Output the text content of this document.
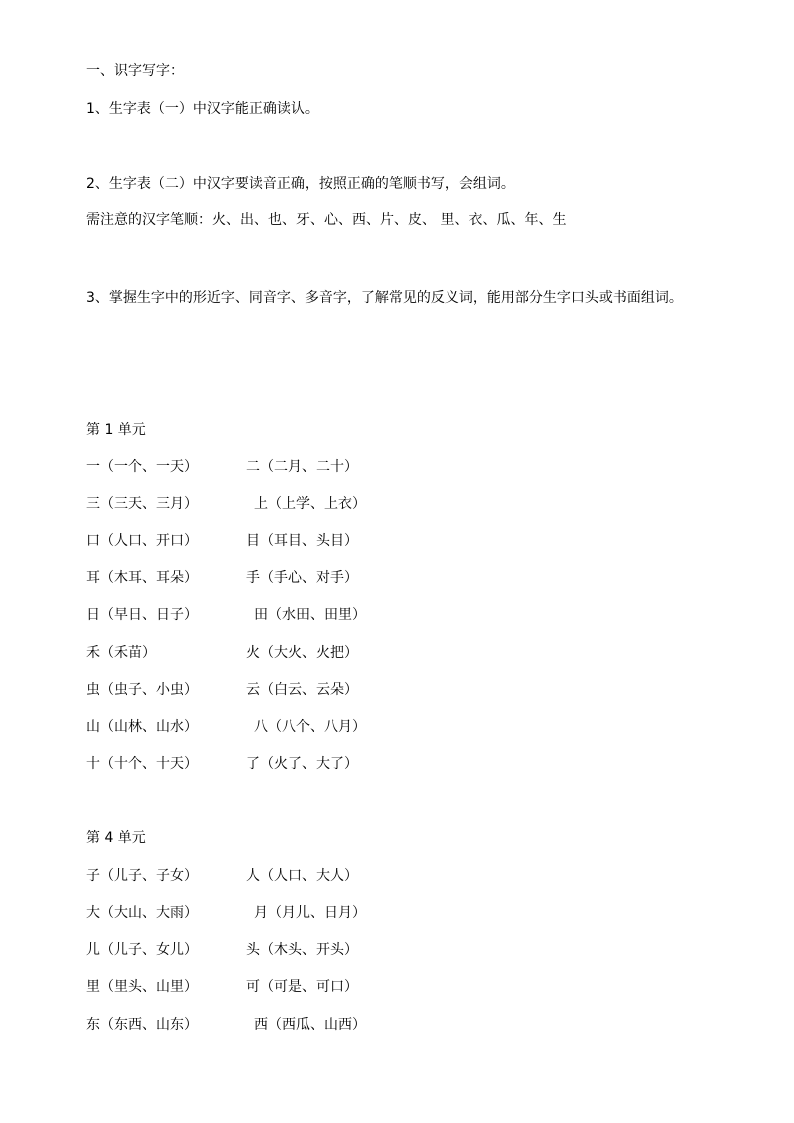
一、识字写字：
1、生字表（一）中汉字能正确读认。
2、生字表（二）中汉字要读音正确，按照正确的笔顺书写，会组词。
需注意的汉字笔顺：火、出、也、牙、心、西、片、皮、 里、衣、瓜、年、生
3、掌握生字中的形近字、同音字、多音字，了解常见的反义词，能用部分生字口头或书面组词。
第 1 单元
一（一个、一天）	二（二月、二十）
三（三天、三月）	上（上学、上衣）
口（人口、开口）	目（耳目、头目）
耳（木耳、耳朵）	手（手心、对手）
日（早日、日子）	田（水田、田里）
禾（禾苗）	火（大火、火把）
虫（虫子、小虫）	云（白云、云朵）
山（山林、山水）	八（八个、八月）
十（十个、十天）	了（火了、大了）
第 4 单元
子（儿子、子女）	人（人口、大人）
大（大山、大雨）	月（月儿、日月）
儿（儿子、女儿）	头（木头、开头）
里（里头、山里）	可（可是、可口）
东（东西、山东）	西（西瓜、山西）
